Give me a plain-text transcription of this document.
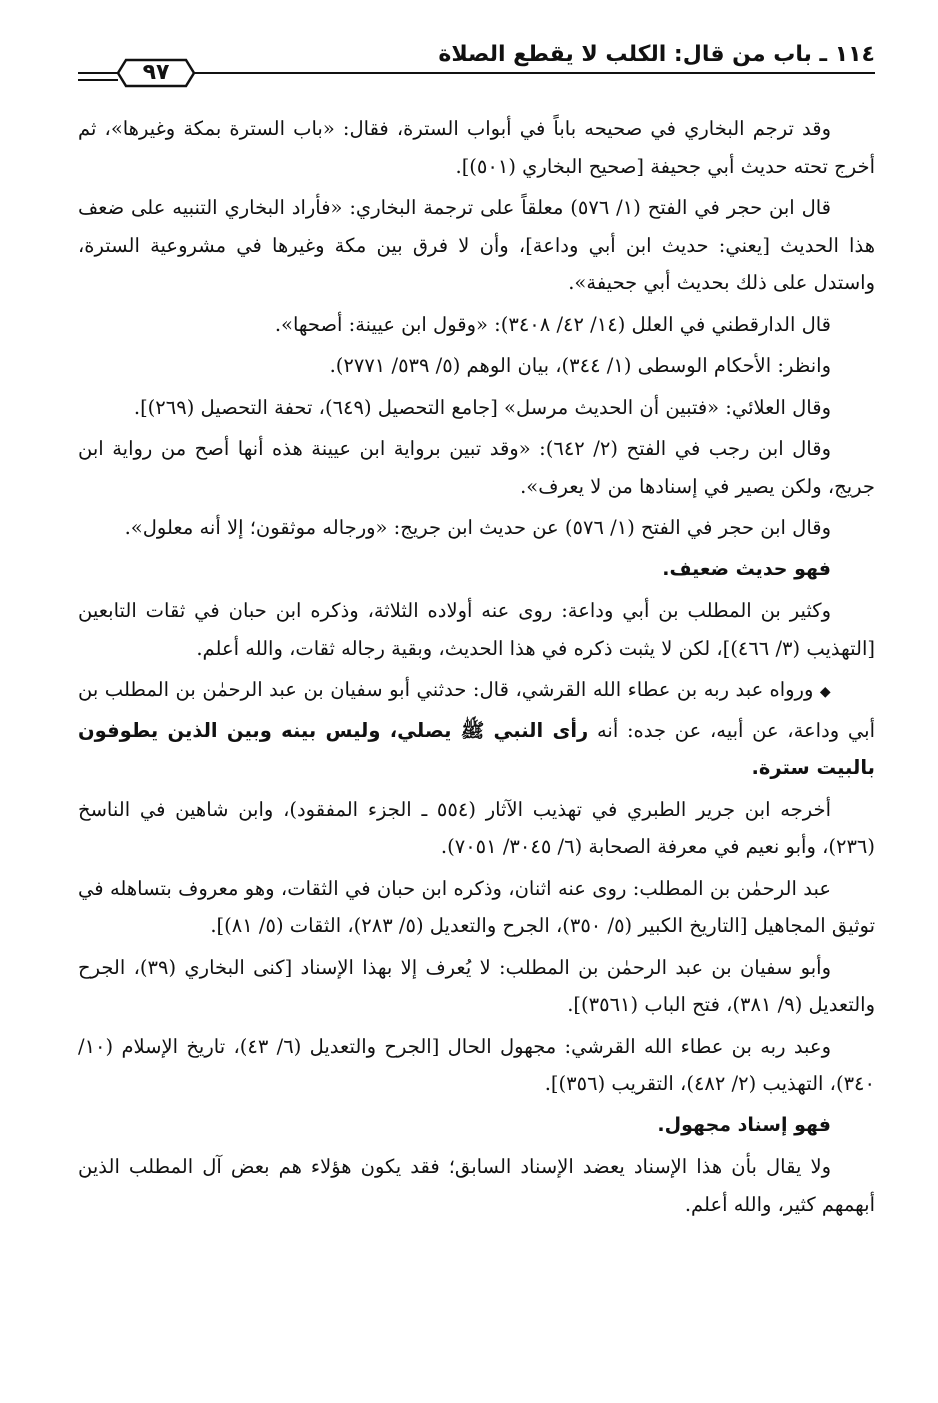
١١٤ ـ باب من قال: الكلب لا يقطع الصلاة
٩٧

وقد ترجم البخاري في صحيحه باباً في أبواب السترة، فقال: «باب السترة بمكة وغيرها»، ثم أخرج تحته حديث أبي جحيفة [صحيح البخاري (٥٠١)].

قال ابن حجر في الفتح (١/ ٥٧٦) معلقاً على ترجمة البخاري: «فأراد البخاري التنبيه على ضعف هذا الحديث [يعني: حديث ابن أبي وداعة]، وأن لا فرق بين مكة وغيرها في مشروعية السترة، واستدل على ذلك بحديث أبي جحيفة».

قال الدارقطني في العلل (١٤/ ٤٢/ ٣٤٠٨): «وقول ابن عيينة: أصحها».

وانظر: الأحكام الوسطى (١/ ٣٤٤)، بيان الوهم (٥/ ٥٣٩/ ٢٧٧١).

وقال العلائي: «فتبين أن الحديث مرسل» [جامع التحصيل (٦٤٩)، تحفة التحصيل (٢٦٩)].

وقال ابن رجب في الفتح (٢/ ٦٤٢): «وقد تبين برواية ابن عيينة هذه أنها أصح من رواية ابن جريج، ولكن يصير في إسنادها من لا يعرف».

وقال ابن حجر في الفتح (١/ ٥٧٦) عن حديث ابن جريج: «ورجاله موثقون؛ إلا أنه معلول».

فهو حديث ضعيف.

وكثير بن المطلب بن أبي وداعة: روى عنه أولاده الثلاثة، وذكره ابن حبان في ثقات التابعين [التهذيب (٣/ ٤٦٦)]، لكن لا يثبت ذكره في هذا الحديث، وبقية رجاله ثقات، والله أعلم.

◆ ورواه عبد ربه بن عطاء الله القرشي، قال: حدثني أبو سفيان بن عبد الرحمٰن بن المطلب بن أبي وداعة، عن أبيه، عن جده: أنه رأى النبي ﷺ يصلي، وليس بينه وبين الذين يطوفون بالبيت سترة.

أخرجه ابن جرير الطبري في تهذيب الآثار (٥٥٤ ـ الجزء المفقود)، وابن شاهين في الناسخ (٢٣٦)، وأبو نعيم في معرفة الصحابة (٦/ ٣٠٤٥/ ٧٠٥١).

عبد الرحمٰن بن المطلب: روى عنه اثنان، وذكره ابن حبان في الثقات، وهو معروف بتساهله في توثيق المجاهيل [التاريخ الكبير (٥/ ٣٥٠)، الجرح والتعديل (٥/ ٢٨٣)، الثقات (٥/ ٨١)].

وأبو سفيان بن عبد الرحمٰن بن المطلب: لا يُعرف إلا بهذا الإسناد [كنى البخاري (٣٩)، الجرح والتعديل (٩/ ٣٨١)، فتح الباب (٣٥٦١)].

وعبد ربه بن عطاء الله القرشي: مجهول الحال [الجرح والتعديل (٦/ ٤٣)، تاريخ الإسلام (١٠/ ٣٤٠)، التهذيب (٢/ ٤٨٢)، التقريب (٣٥٦)].

فهو إسناد مجهول.

ولا يقال بأن هذا الإسناد يعضد الإسناد السابق؛ فقد يكون هؤلاء هم بعض آل المطلب الذين أبهمهم كثير، والله أعلم.
